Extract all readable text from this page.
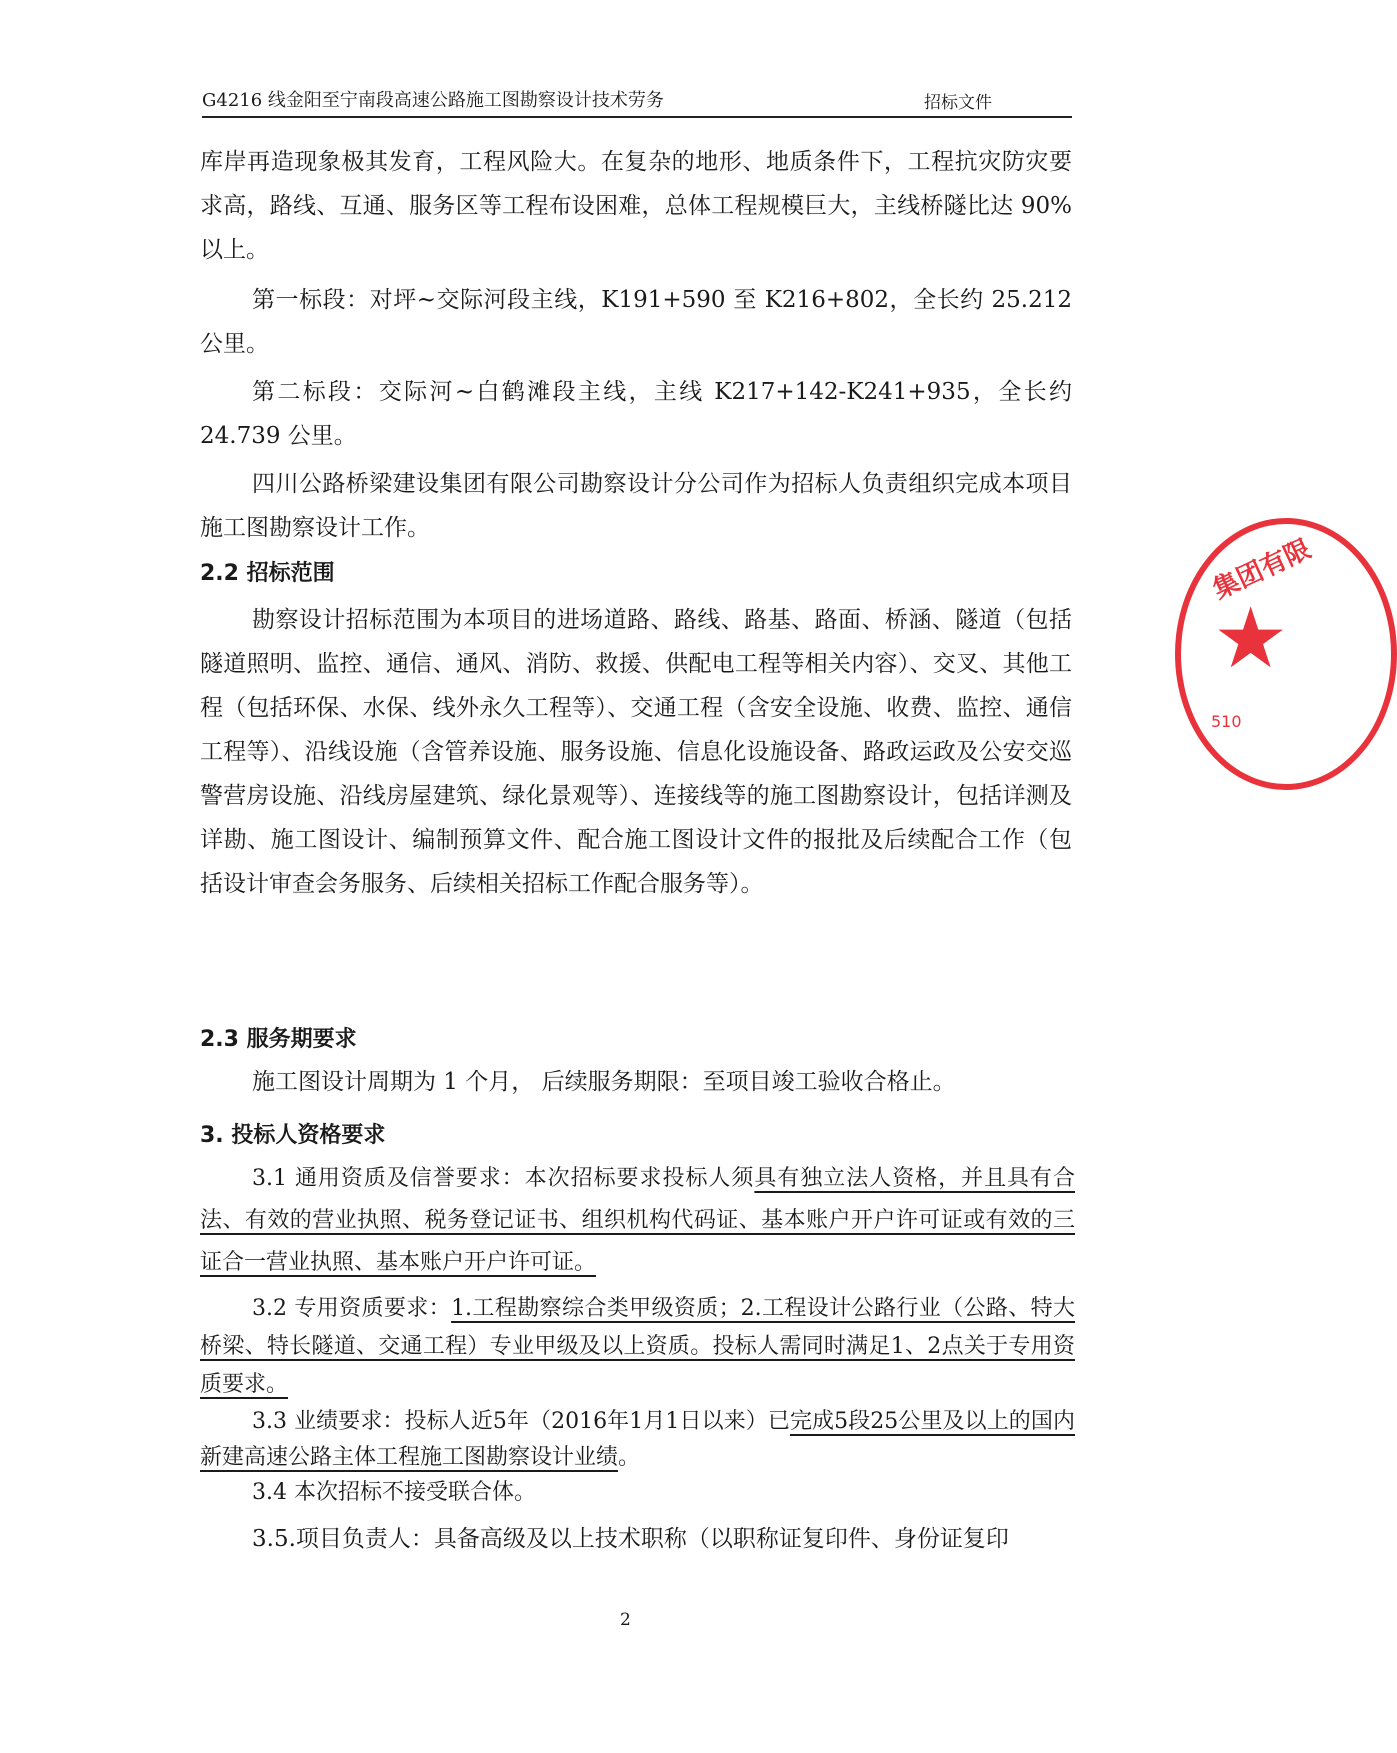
G4216 线金阳至宁南段高速公路施工图勘察设计技术劳务	招标文件

库岸再造现象极其发育，工程风险大。在复杂的地形、地质条件下，工程抗灾防灾要求高，路线、互通、服务区等工程布设困难，总体工程规模巨大，主线桥隧比达 90%以上。

第一标段：对坪~交际河段主线，K191+590 至 K216+802，全长约 25.212 公里。

第二标段：交际河~白鹤滩段主线，主线 K217+142-K241+935，全长约 24.739 公里。

四川公路桥梁建设集团有限公司勘察设计分公司作为招标人负责组织完成本项目施工图勘察设计工作。

2.2 招标范围

勘察设计招标范围为本项目的进场道路、路线、路基、路面、桥涵、隧道（包括隧道照明、监控、通信、通风、消防、救援、供配电工程等相关内容）、交叉、其他工程（包括环保、水保、线外永久工程等）、交通工程（含安全设施、收费、监控、通信工程等）、沿线设施（含管养设施、服务设施、信息化设施设备、路政运政及公安交巡警营房设施、沿线房屋建筑、绿化景观等）、连接线等的施工图勘察设计，包括详测及详勘、施工图设计、编制预算文件、配合施工图设计文件的报批及后续配合工作（包括设计审查会务服务、后续相关招标工作配合服务等）。

2.3 服务期要求

施工图设计周期为 1 个月， 后续服务期限：至项目竣工验收合格止。

3. 投标人资格要求

3.1 通用资质及信誉要求：本次招标要求投标人须具有独立法人资格，并且具有合法、有效的营业执照、税务登记证书、组织机构代码证、基本账户开户许可证或有效的三证合一营业执照、基本账户开户许可证。

3.2 专用资质要求：1.工程勘察综合类甲级资质；2.工程设计公路行业（公路、特大桥梁、特长隧道、交通工程）专业甲级及以上资质。投标人需同时满足1、2点关于专用资质要求。

3.3 业绩要求：投标人近5年（2016年1月1日以来）已完成5段25公里及以上的国内新建高速公路主体工程施工图勘察设计业绩。

3.4 本次招标不接受联合体。

3.5.项目负责人：具备高级及以上技术职称（以职称证复印件、身份证复印

集团有限
★
510
2
